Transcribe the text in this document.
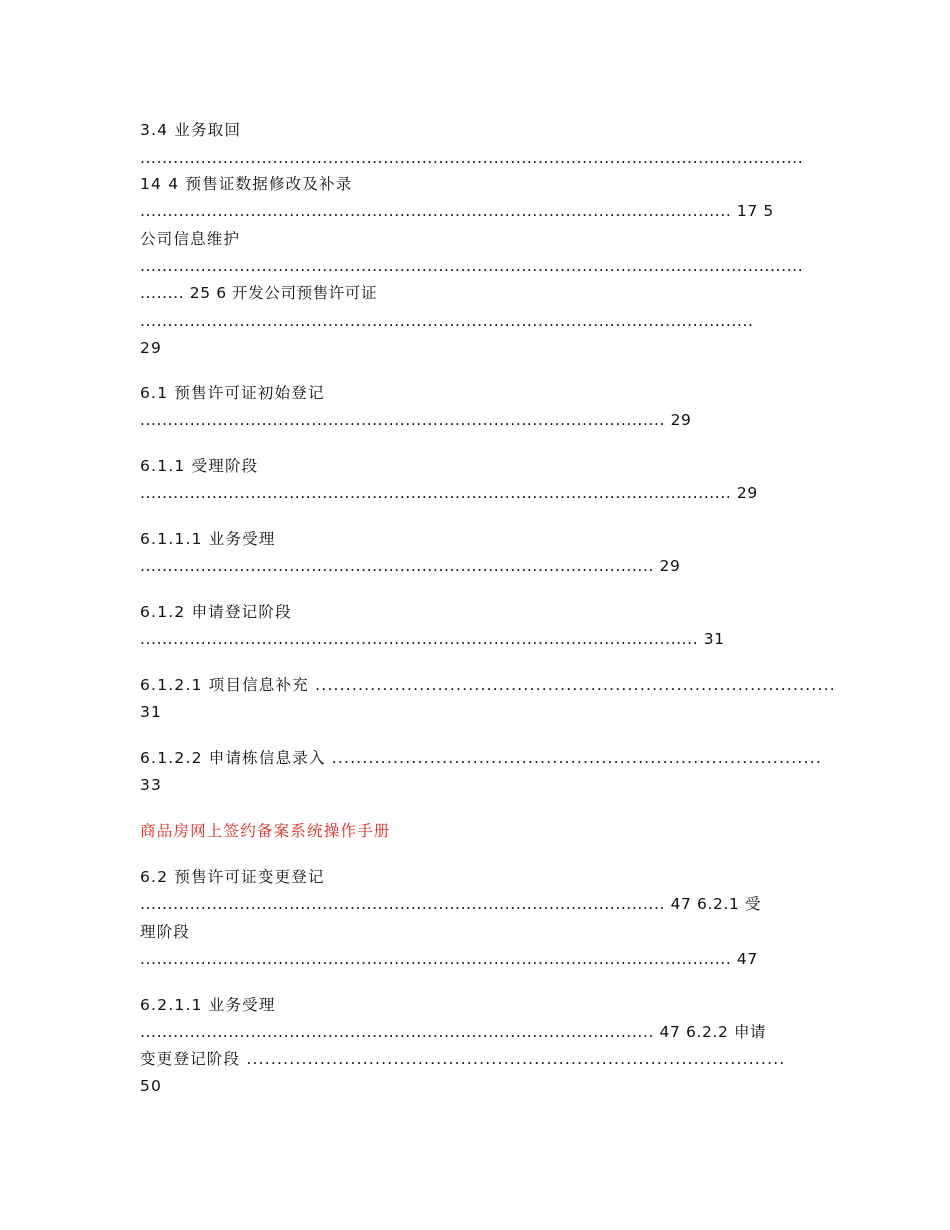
3.4 业务取回
........................................................................................................................
14 4 预售证数据修改及补录
........................................................................................................... 17 5
公司信息维护
........................................................................................................................
........ 25 6 开发公司预售许可证
...............................................................................................................
29
6.1 预售许可证初始登记
............................................................................................... 29
6.1.1 受理阶段
........................................................................................................... 29
6.1.1.1 业务受理
............................................................................................. 29
6.1.2 申请登记阶段
..................................................................................................... 31
6.1.2.1 项目信息补充 .....................................................................................
31
6.1.2.2 申请栋信息录入 ................................................................................
33
商品房网上签约备案系统操作手册
6.2 预售许可证变更登记
............................................................................................... 47 6.2.1 受
理阶段
........................................................................................................... 47
6.2.1.1 业务受理
............................................................................................. 47 6.2.2 申请
变更登记阶段 ........................................................................................
50
